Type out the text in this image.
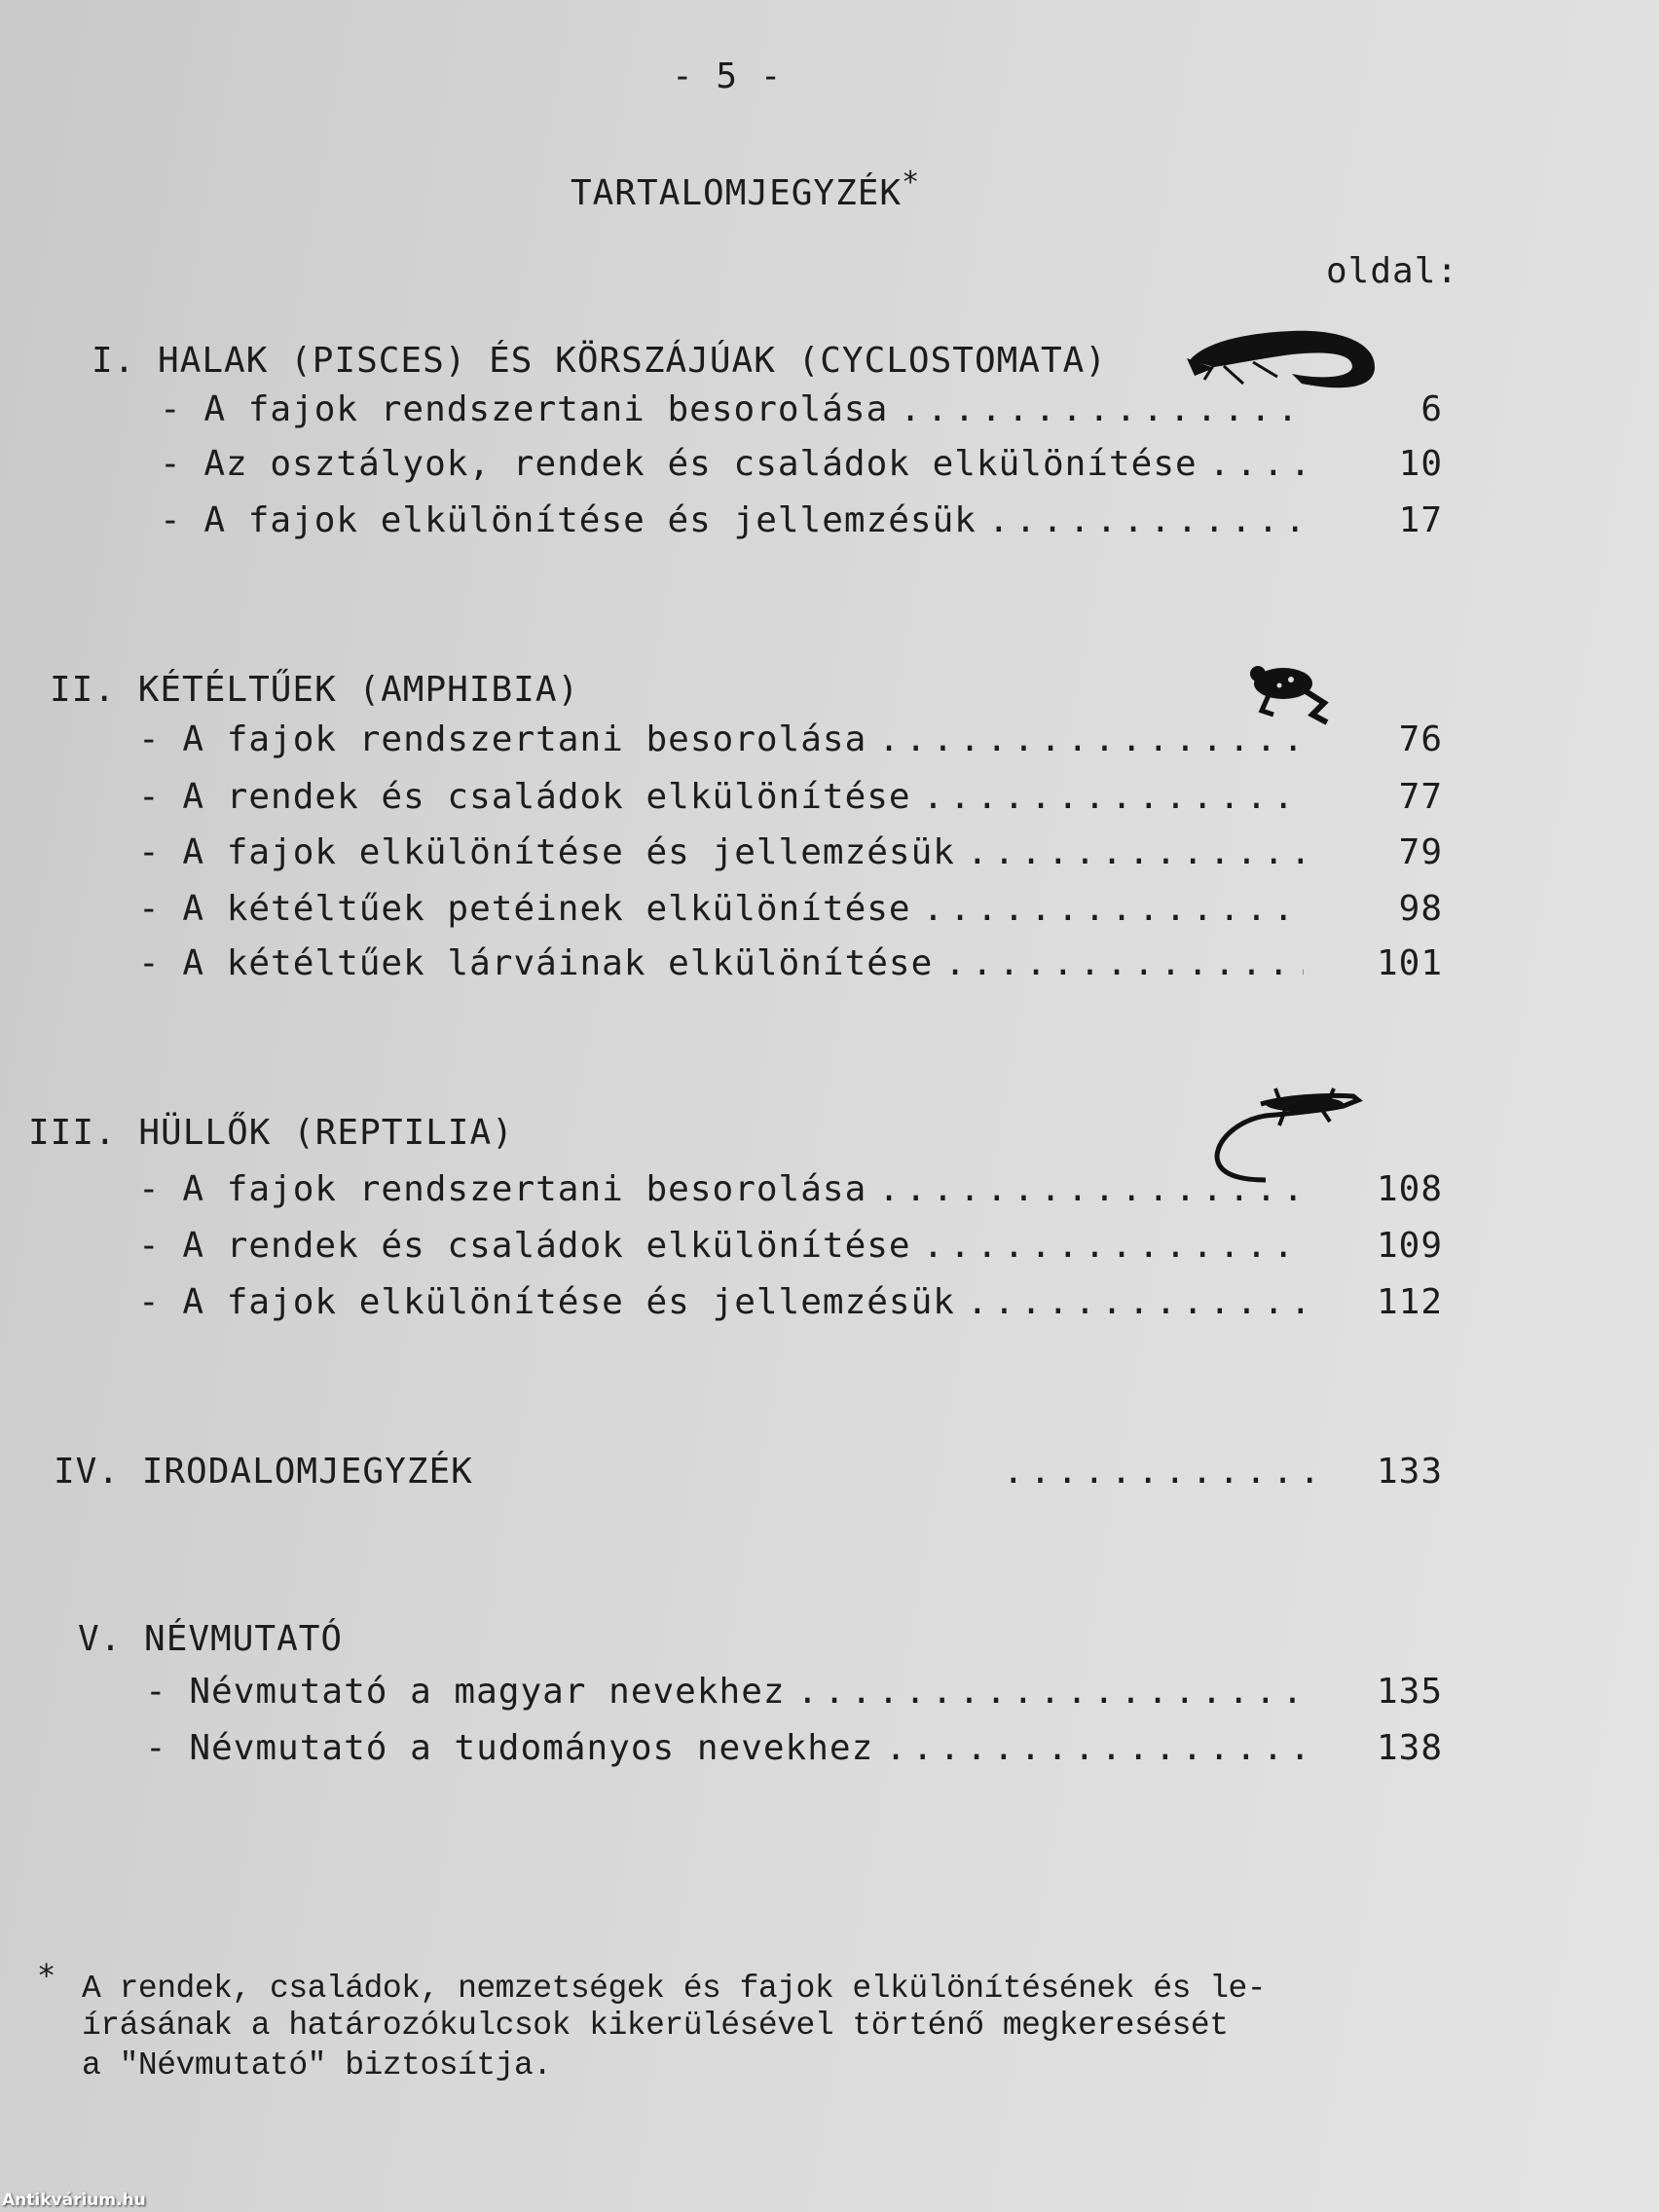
- 5 -
TARTALOMJEGYZÉK*
oldal:
I. HALAK (PISCES) ÉS KÖRSZÁJÚAK (CYCLOSTOMATA)
- A fajok rendszertani besorolása .....	6
- Az osztályok, rendek és családok elkülönítése .....	10
- A fajok elkülönítése és jellemzésük .....	17
II. KÉTÉLTŰEK (AMPHIBIA)
- A fajok rendszertani besorolása .....	76
- A rendek és családok elkülönítése .....	77
- A fajok elkülönítése és jellemzésük .....	79
- A kétéltűek petéinek elkülönítése .....	98
- A kétéltűek lárváinak elkülönítése .....	101
III. HÜLLŐK (REPTILIA)
- A fajok rendszertani besorolása .....	108
- A rendek és családok elkülönítése .....	109
- A fajok elkülönítése és jellemzésük .....	112
IV. IRODALOMJEGYZÉK .....	133
V. NÉVMUTATÓ
- Névmutató a magyar nevekhez .....	135
- Névmutató a tudományos nevekhez .....	138
* A rendek, családok, nemzetségek és fajok elkülönítésének és le-
írásának a határozókulcsok kikerülésével történő megkeresését
a "Névmutató" biztosítja.
Antikvárium.hu
